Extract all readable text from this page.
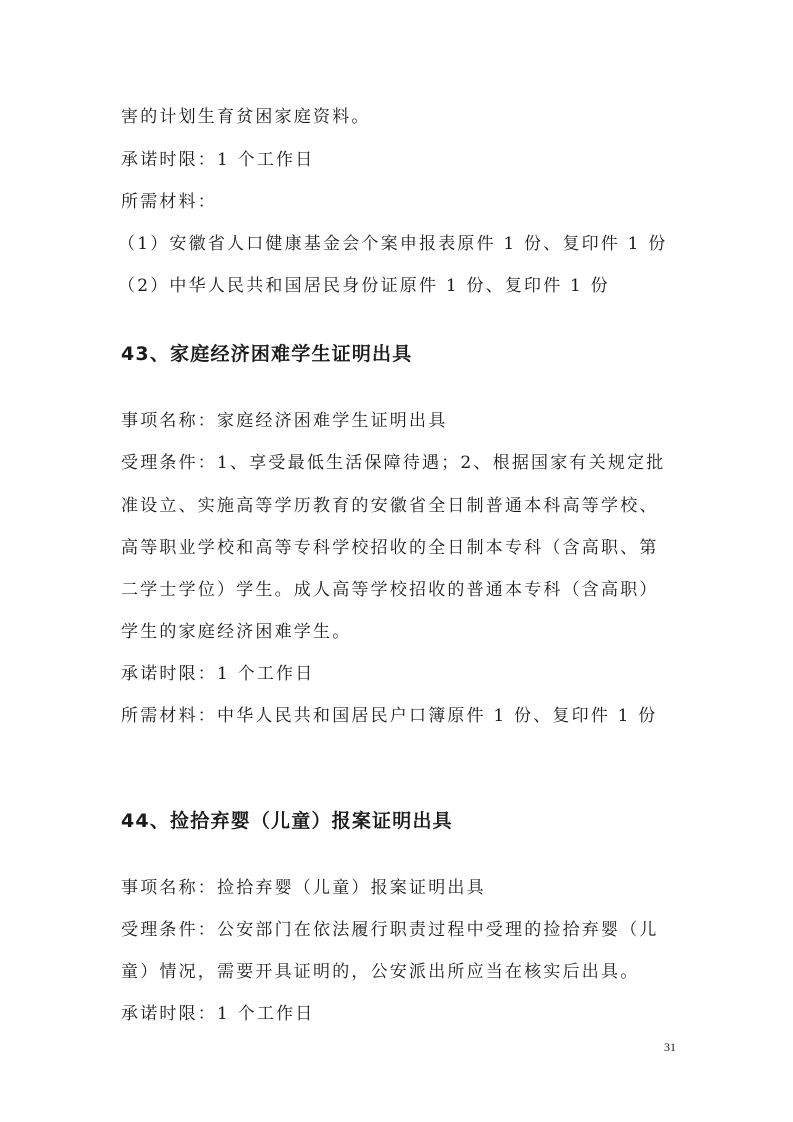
害的计划生育贫困家庭资料。
承诺时限：1 个工作日
所需材料：
（1）安徽省人口健康基金会个案申报表原件 1 份、复印件 1 份
（2）中华人民共和国居民身份证原件 1 份、复印件 1 份
43、家庭经济困难学生证明出具
事项名称：家庭经济困难学生证明出具
受理条件：1、享受最低生活保障待遇；2、根据国家有关规定批
准设立、实施高等学历教育的安徽省全日制普通本科高等学校、
高等职业学校和高等专科学校招收的全日制本专科（含高职、第
二学士学位）学生。成人高等学校招收的普通本专科（含高职）
学生的家庭经济困难学生。
承诺时限：1 个工作日
所需材料：中华人民共和国居民户口簿原件 1 份、复印件 1 份
44、捡拾弃婴（儿童）报案证明出具
事项名称：捡拾弃婴（儿童）报案证明出具
受理条件：公安部门在依法履行职责过程中受理的捡拾弃婴（儿
童）情况，需要开具证明的，公安派出所应当在核实后出具。
承诺时限：1 个工作日
31
